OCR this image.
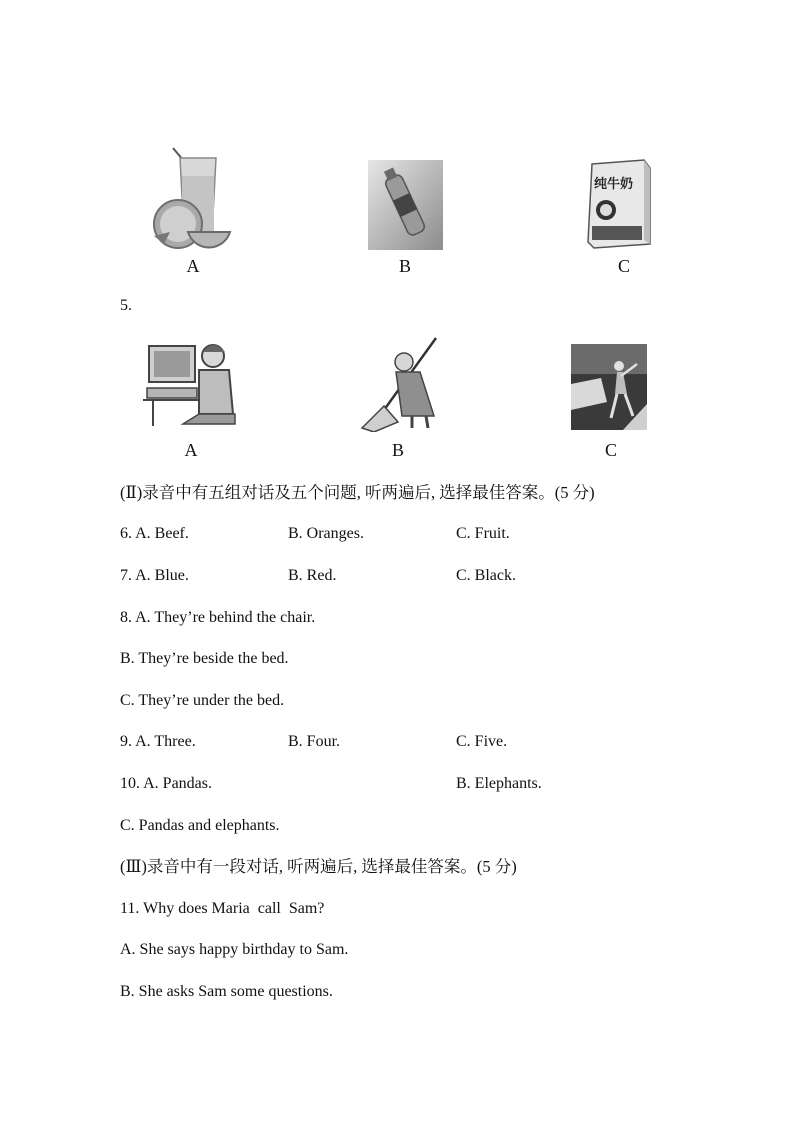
纯牛奶
A	B	C
5.
A	B	C
(Ⅱ)录音中有五组对话及五个问题, 听两遍后, 选择最佳答案。(5 分)
6. A. Beef.	B. Oranges.	C. Fruit.
7. A. Blue.	B. Red.	C. Black.
8. A. They’re behind the chair.
B. They’re beside the bed.
C. They’re under the bed.
9. A. Three.	B. Four.	C. Five.
10. A. Pandas.	B. Elephants.
C. Pandas and elephants.
(Ⅲ)录音中有一段对话, 听两遍后, 选择最佳答案。(5 分)
11. Why does Maria  call  Sam?
A. She says happy birthday to Sam.
B. She asks Sam some questions.
